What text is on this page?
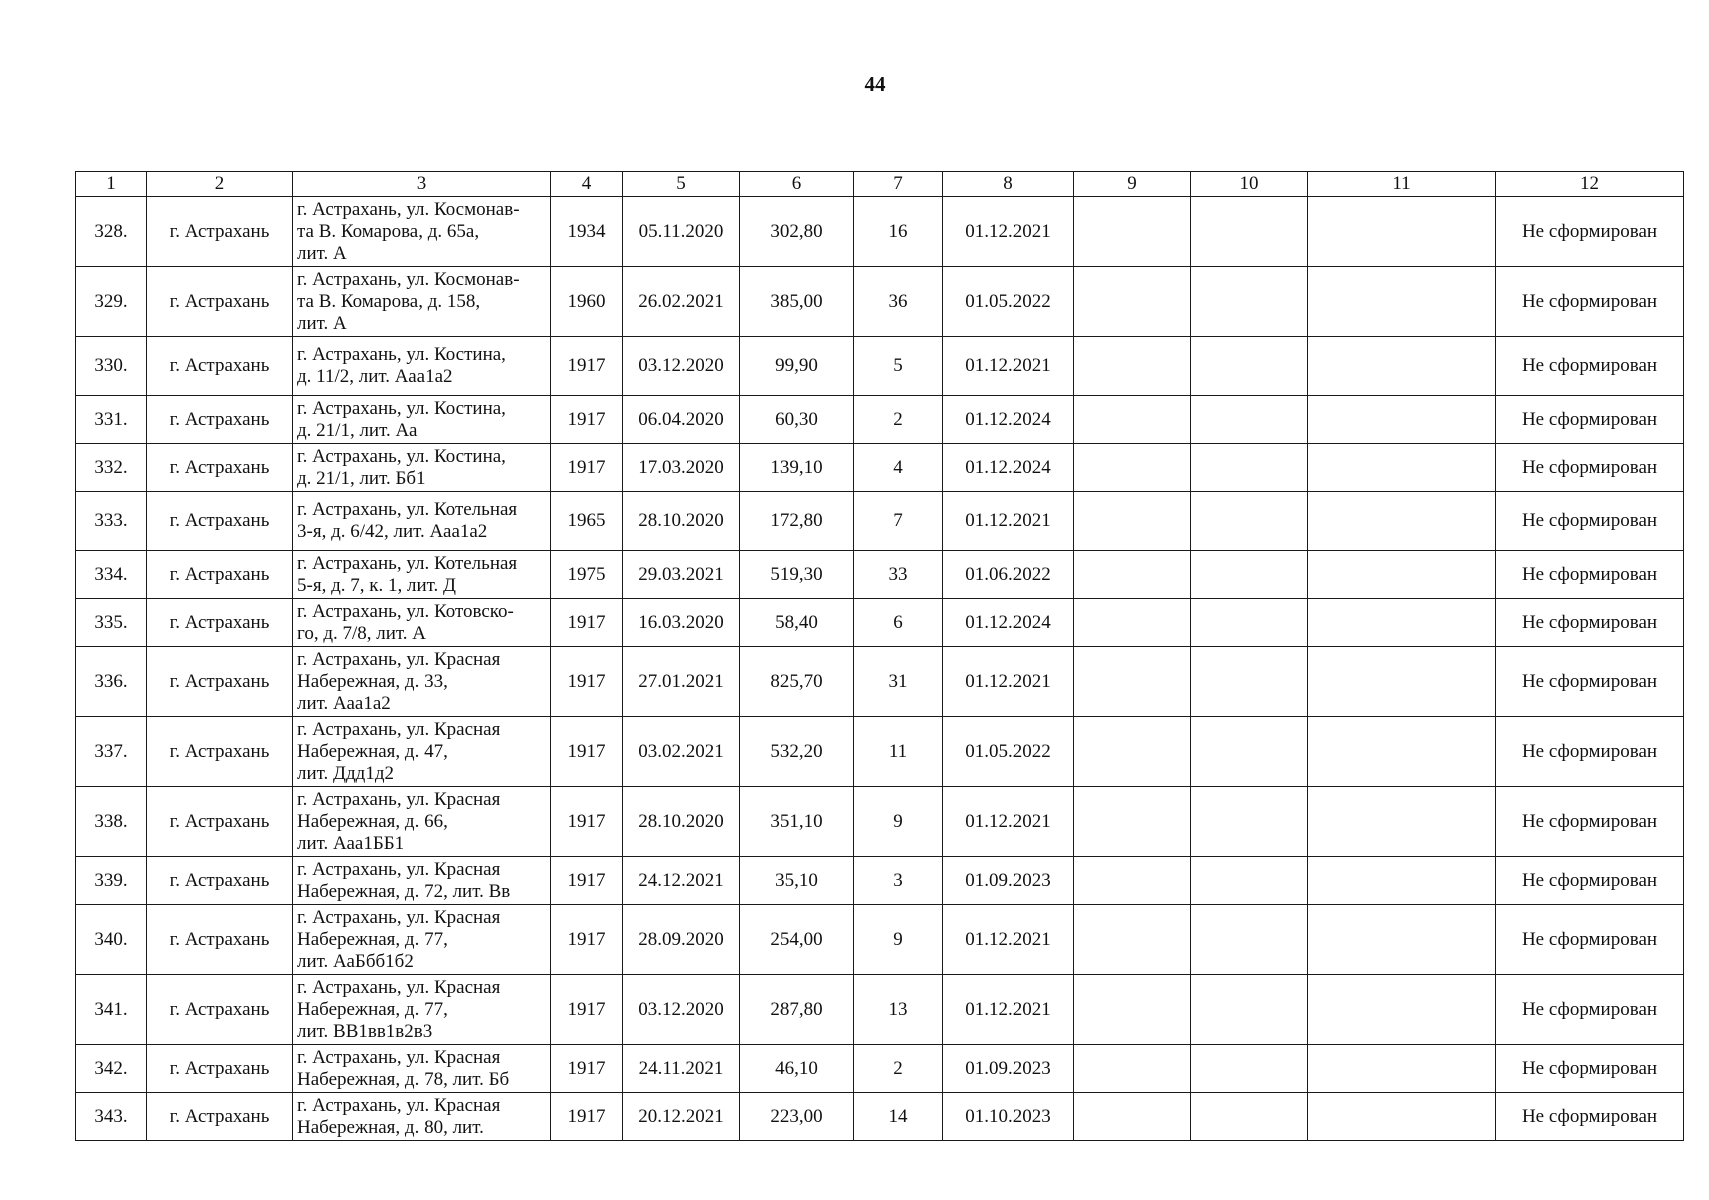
44
1	2	3	4	5	6	7	8	9	10	11	12
328.	г. Астрахань	г. Астрахань, ул. Космонав-
та В. Комарова, д. 65а,
лит. А	1934	05.11.2020	302,80	16	01.12.2021				Не сформирован
329.	г. Астрахань	г. Астрахань, ул. Космонав-
та В. Комарова, д. 158,
лит. А	1960	26.02.2021	385,00	36	01.05.2022				Не сформирован
330.	г. Астрахань	г. Астрахань, ул. Костина,
д. 11/2, лит. Ааа1а2	1917	03.12.2020	99,90	5	01.12.2021				Не сформирован
331.	г. Астрахань	г. Астрахань, ул. Костина,
д. 21/1, лит. Аа	1917	06.04.2020	60,30	2	01.12.2024				Не сформирован
332.	г. Астрахань	г. Астрахань, ул. Костина,
д. 21/1, лит. Бб1	1917	17.03.2020	139,10	4	01.12.2024				Не сформирован
333.	г. Астрахань	г. Астрахань, ул. Котельная
3-я, д. 6/42, лит. Ааа1а2	1965	28.10.2020	172,80	7	01.12.2021				Не сформирован
334.	г. Астрахань	г. Астрахань, ул. Котельная
5-я, д. 7, к. 1, лит. Д	1975	29.03.2021	519,30	33	01.06.2022				Не сформирован
335.	г. Астрахань	г. Астрахань, ул. Котовско-
го, д. 7/8, лит. А	1917	16.03.2020	58,40	6	01.12.2024				Не сформирован
336.	г. Астрахань	г. Астрахань, ул. Красная
Набережная, д. 33,
лит. Ааа1а2	1917	27.01.2021	825,70	31	01.12.2021				Не сформирован
337.	г. Астрахань	г. Астрахань, ул. Красная
Набережная, д. 47,
лит. Ддд1д2	1917	03.02.2021	532,20	11	01.05.2022				Не сформирован
338.	г. Астрахань	г. Астрахань, ул. Красная
Набережная, д. 66,
лит. Ааа1ББ1	1917	28.10.2020	351,10	9	01.12.2021				Не сформирован
339.	г. Астрахань	г. Астрахань, ул. Красная
Набережная, д. 72, лит. Вв	1917	24.12.2021	35,10	3	01.09.2023				Не сформирован
340.	г. Астрахань	г. Астрахань, ул. Красная
Набережная, д. 77,
лит. АаБбб1б2	1917	28.09.2020	254,00	9	01.12.2021				Не сформирован
341.	г. Астрахань	г. Астрахань, ул. Красная
Набережная, д. 77,
лит. ВВ1вв1в2в3	1917	03.12.2020	287,80	13	01.12.2021				Не сформирован
342.	г. Астрахань	г. Астрахань, ул. Красная
Набережная, д. 78, лит. Бб	1917	24.11.2021	46,10	2	01.09.2023				Не сформирован
343.	г. Астрахань	г. Астрахань, ул. Красная
Набережная, д. 80, лит.	1917	20.12.2021	223,00	14	01.10.2023				Не сформирован
